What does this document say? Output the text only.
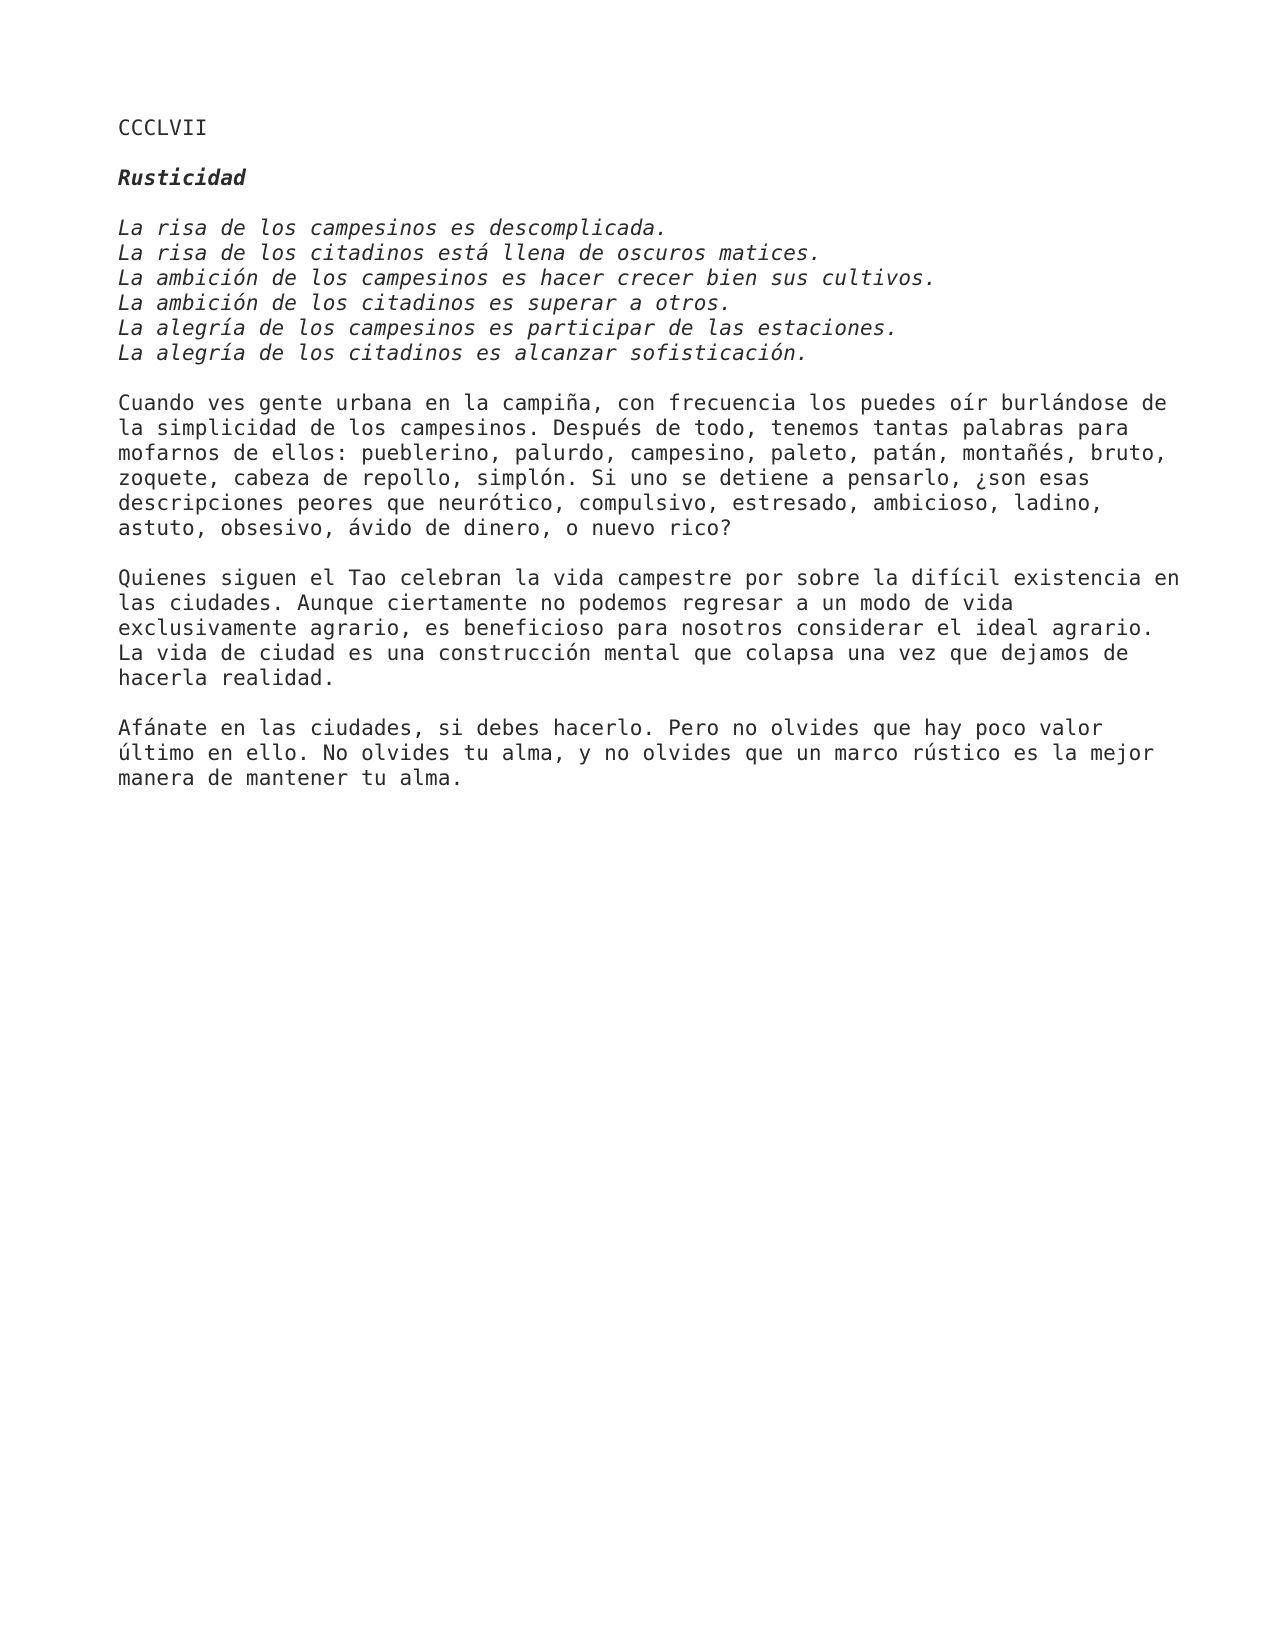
CCCLVII

Rusticidad

La risa de los campesinos es descomplicada.
La risa de los citadinos está llena de oscuros matices.
La ambición de los campesinos es hacer crecer bien sus cultivos.
La ambición de los citadinos es superar a otros.
La alegría de los campesinos es participar de las estaciones.
La alegría de los citadinos es alcanzar sofisticación.
Cuando ves gente urbana en la campiña, con frecuencia los puedes oír burlándose de
la simplicidad de los campesinos. Después de todo, tenemos tantas palabras para
mofarnos de ellos: pueblerino, palurdo, campesino, paleto, patán, montañés, bruto,
zoquete, cabeza de repollo, simplón. Si uno se detiene a pensarlo, ¿son esas
descripciones peores que neurótico, compulsivo, estresado, ambicioso, ladino,
astuto, obsesivo, ávido de dinero, o nuevo rico?
Quienes siguen el Tao celebran la vida campestre por sobre la difícil existencia en
las ciudades. Aunque ciertamente no podemos regresar a un modo de vida
exclusivamente agrario, es beneficioso para nosotros considerar el ideal agrario.
La vida de ciudad es una construcción mental que colapsa una vez que dejamos de
hacerla realidad.
Afánate en las ciudades, si debes hacerlo. Pero no olvides que hay poco valor
último en ello. No olvides tu alma, y no olvides que un marco rústico es la mejor
manera de mantener tu alma.
